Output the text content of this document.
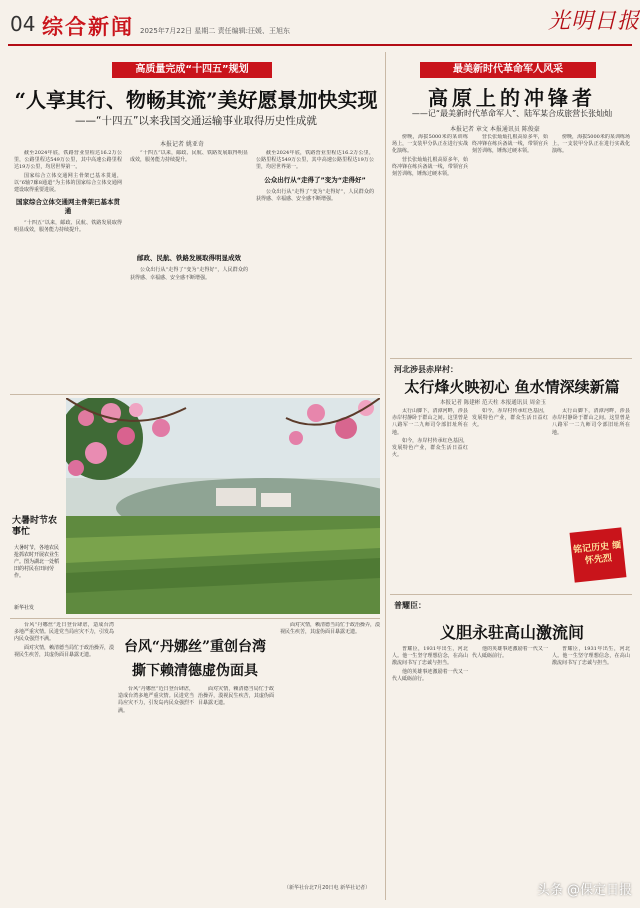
04 综合新闻 2025年7月22日 星期二 责任编辑:汪媛、王旭东	光明日报
高质量完成“十四五”规划
“人享其行、物畅其流”美好愿景加快实现
——“十四五”以来我国交通运输事业取得历史性成就
本报记者 姚亚奇

截至2024年底，铁路营业里程达16.2万公里，公路里程达549万公里，其中高速公路里程达19万公里，均居世界第一。

国家综合立体交通网主骨架已基本贯通，以“6轴7廊8通道”为主体的国家综合立体交通网建设取得重要进展。

国家综合立体交通网主骨架已基本贯通

“十四五”以来，邮政、民航、铁路发展取得明显成效，服务能力持续提升。

“十四五”以来，邮政、民航、铁路发展取得明显成效，服务能力持续提升。

邮政、民航、铁路发展取得明显成效

公众出行从“走得了”变为“走得好”，人民群众的获得感、幸福感、安全感不断增强。

截至2024年底，铁路营业里程达16.2万公里，公路里程达549万公里，其中高速公路里程达19万公里，均居世界第一。

公众出行从“走得了”变为“走得好”

公众出行从“走得了”变为“走得好”，人民群众的获得感、幸福感、安全感不断增强。

大暑时节农事忙
大暑时节，各地农民抢抓农时开展农业生产。图为湖北一处稻田的村民在田间劳作。
新华社发

台风“丹娜丝”近日登台肆虐，造成台湾多地严重灾情。民进党当局应灾不力，引发岛内民众强烈不满。

面对灾情，赖清德当局忙于政治操弄，漠视民生疾苦，其虚伪面目暴露无遗。	台风“丹娜丝”重创台湾
撕下赖清德虚伪面具

台风“丹娜丝”近日登台肆虐，造成台湾多地严重灾情。民进党当局应灾不力，引发岛内民众强烈不满。

面对灾情，赖清德当局忙于政治操弄，漠视民生疾苦，其虚伪面目暴露无遗。

面对灾情，赖清德当局忙于政治操弄，漠视民生疾苦，其虚伪面目暴露无遗。

（新华社台北7月20日电 新华社记者）
最美新时代革命军人风采
高原上的冲锋者
——记“最美新时代革命军人”、陆军某合成旅营长张灿灿
本报记者 章文 本报通讯员 陈俊豪

傍晚，海拔5000米的某训练场上，一支装甲分队正在进行实战化演练。

营长张灿灿扎根高原多年，始终冲锋在练兵备战一线，带领官兵刻苦训练，锤炼过硬本领。

营长张灿灿扎根高原多年，始终冲锋在练兵备战一线，带领官兵刻苦训练，锤炼过硬本领。

傍晚，海拔5000米的某训练场上，一支装甲分队正在进行实战化演练。

河北涉县赤岸村：
太行烽火映初心 鱼水情深续新篇
本报记者 陈建彬 范天柱 本报通讯员 周金玉

太行山脚下，清漳河畔，涉县赤岸村静卧于群山之间。这里曾是八路军一二九师司令部旧址所在地。

如今，赤岸村传承红色基因，发展特色产业，群众生活日益红火。

如今，赤岸村传承红色基因，发展特色产业，群众生活日益红火。

太行山脚下，清漳河畔，涉县赤岸村静卧于群山之间。这里曾是八路军一二九师司令部旧址所在地。

铭记历史 缅怀先烈
普耀臣：
义胆永驻高山激流间

普耀臣，1931年出生，河北人。他一生坚守理想信念，在高山激流间书写了忠诚与担当。

他的英雄事迹激励着一代又一代人砥砺前行。

他的英雄事迹激励着一代又一代人砥砺前行。

普耀臣，1931年出生，河北人。他一生坚守理想信念，在高山激流间书写了忠诚与担当。

头条 @保定日报
